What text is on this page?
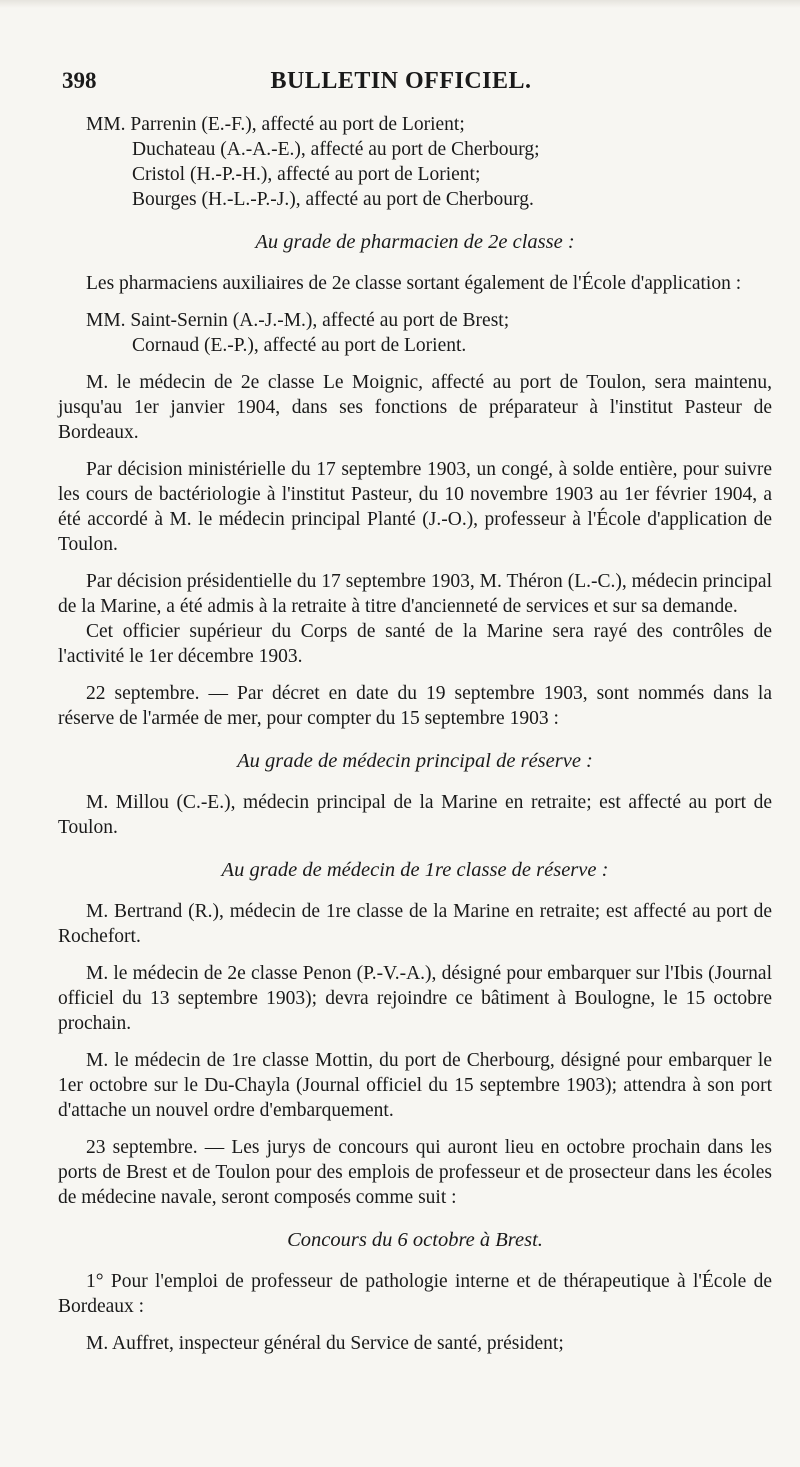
398	BULLETIN OFFICIEL.

MM. Parrenin (E.-F.), affecté au port de Lorient;

Duchateau (A.-A.-E.), affecté au port de Cherbourg;

Cristol (H.-P.-H.), affecté au port de Lorient;

Bourges (H.-L.-P.-J.), affecté au port de Cherbourg.

Au grade de pharmacien de 2e classe :

Les pharmaciens auxiliaires de 2e classe sortant également de l'École d'application :

MM. Saint-Sernin (A.-J.-M.), affecté au port de Brest;

Cornaud (E.-P.), affecté au port de Lorient.

M. le médecin de 2e classe Le Moignic, affecté au port de Toulon, sera maintenu, jusqu'au 1er janvier 1904, dans ses fonctions de préparateur à l'institut Pasteur de Bordeaux.

Par décision ministérielle du 17 septembre 1903, un congé, à solde entière, pour suivre les cours de bactériologie à l'institut Pasteur, du 10 novembre 1903 au 1er février 1904, a été accordé à M. le médecin principal Planté (J.-O.), professeur à l'École d'application de Toulon.

Par décision présidentielle du 17 septembre 1903, M. Théron (L.-C.), médecin principal de la Marine, a été admis à la retraite à titre d'ancienneté de services et sur sa demande.

Cet officier supérieur du Corps de santé de la Marine sera rayé des contrôles de l'activité le 1er décembre 1903.

22 septembre. — Par décret en date du 19 septembre 1903, sont nommés dans la réserve de l'armée de mer, pour compter du 15 septembre 1903 :

Au grade de médecin principal de réserve :

M. Millou (C.-E.), médecin principal de la Marine en retraite; est affecté au port de Toulon.

Au grade de médecin de 1re classe de réserve :

M. Bertrand (R.), médecin de 1re classe de la Marine en retraite; est affecté au port de Rochefort.

M. le médecin de 2e classe Penon (P.-V.-A.), désigné pour embarquer sur l'Ibis (Journal officiel du 13 septembre 1903); devra rejoindre ce bâtiment à Boulogne, le 15 octobre prochain.

M. le médecin de 1re classe Mottin, du port de Cherbourg, désigné pour embarquer le 1er octobre sur le Du-Chayla (Journal officiel du 15 septembre 1903); attendra à son port d'attache un nouvel ordre d'embarquement.

23 septembre. — Les jurys de concours qui auront lieu en octobre prochain dans les ports de Brest et de Toulon pour des emplois de professeur et de prosecteur dans les écoles de médecine navale, seront composés comme suit :

Concours du 6 octobre à Brest.

1° Pour l'emploi de professeur de pathologie interne et de thérapeutique à l'École de Bordeaux :

M. Auffret, inspecteur général du Service de santé, président;
